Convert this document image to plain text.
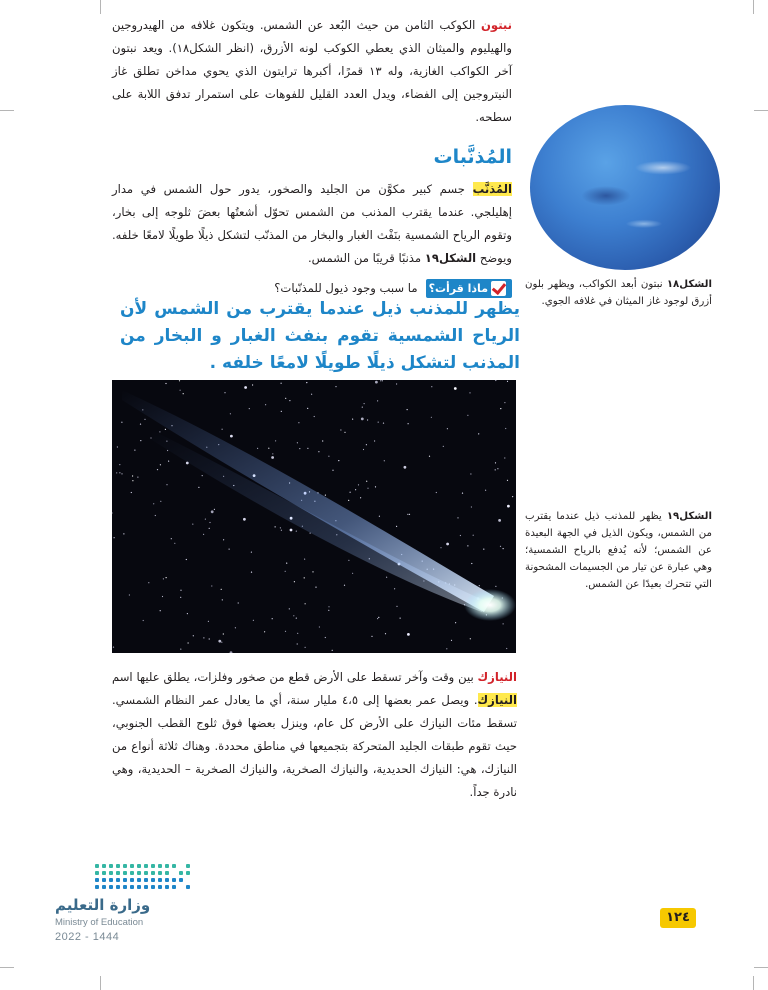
نبتون الكوكب الثامن من حيث البُعد عن الشمس. ويتكون غلافه من الهيدروجين والهيليوم والميثان الذي يعطي الكوكب لونه الأزرق، (انظر الشكل١٨). ويعد نبتون آخر الكواكب الغازية، وله ١٣ قمرًا، أكبرها ترايتون الذي يحوي مداخن تطلق غاز النيتروجين إلى الفضاء، ويدل العدد القليل للفوهات على استمرار تدفق اللابة على سطحه.

المُذنَّبات

المُذنَّب جسم كبير مكوَّن من الجليد والصخور، يدور حول الشمس في مدار إهليلجي. عندما يقترب المذنب من الشمس تحوّل أشعتُها بعضَ ثلوجه إلى بخار، وتقوم الرياح الشمسية بنَفْث الغبار والبخار من المذنّب لتشكل ذيلًا طويلًا لامعًا خلفه. ويوضح الشكل١٩ مذنبًا قريبًا من الشمس.

ماذا قرأت؟
ما سبب وجود ذيول للمذنّبات؟
يظهر للمذنب ذيل عندما يقترب من الشمس لأن الرياح الشمسية تقوم بنفث الغبار و البخار من المذنب لتشكل ذيلًا طويلًا لامعًا خلفه .
الشكل١٨ نبتون أبعد الكواكب، ويظهر بلون أزرق لوجود غاز الميثان في غلافه الجوي.
الشكل١٩ يظهر للمذنب ذيل عندما يقترب من الشمس، ويكون الذيل في الجهة البعيدة عن الشمس؛ لأنه يُدفع بالرياح الشمسية؛ وهي عبارة عن تيار من الجسيمات المشحونة التي تتحرك بعيدًا عن الشمس.

النيازك بين وقت وآخر تسقط على الأرض قطع من صخور وفلزات، يطلق عليها اسم النيازك. ويصل عمر بعضها إلى ٤،٥ مليار سنة، أي ما يعادل عمر النظام الشمسي. تسقط مئات النيازك على الأرض كل عام، وينزل بعضها فوق ثلوج القطب الجنوبي، حيث تقوم طبقات الجليد المتحركة بتجميعها في مناطق محددة. وهناك ثلاثة أنواع من النيازك، هي: النيازك الحديدية، والنيازك الصخرية، والنيازك الصخرية – الحديدية، وهي نادرة جداً.

وزارة التعليم
Ministry of Education
2022 - 1444
١٢٤
